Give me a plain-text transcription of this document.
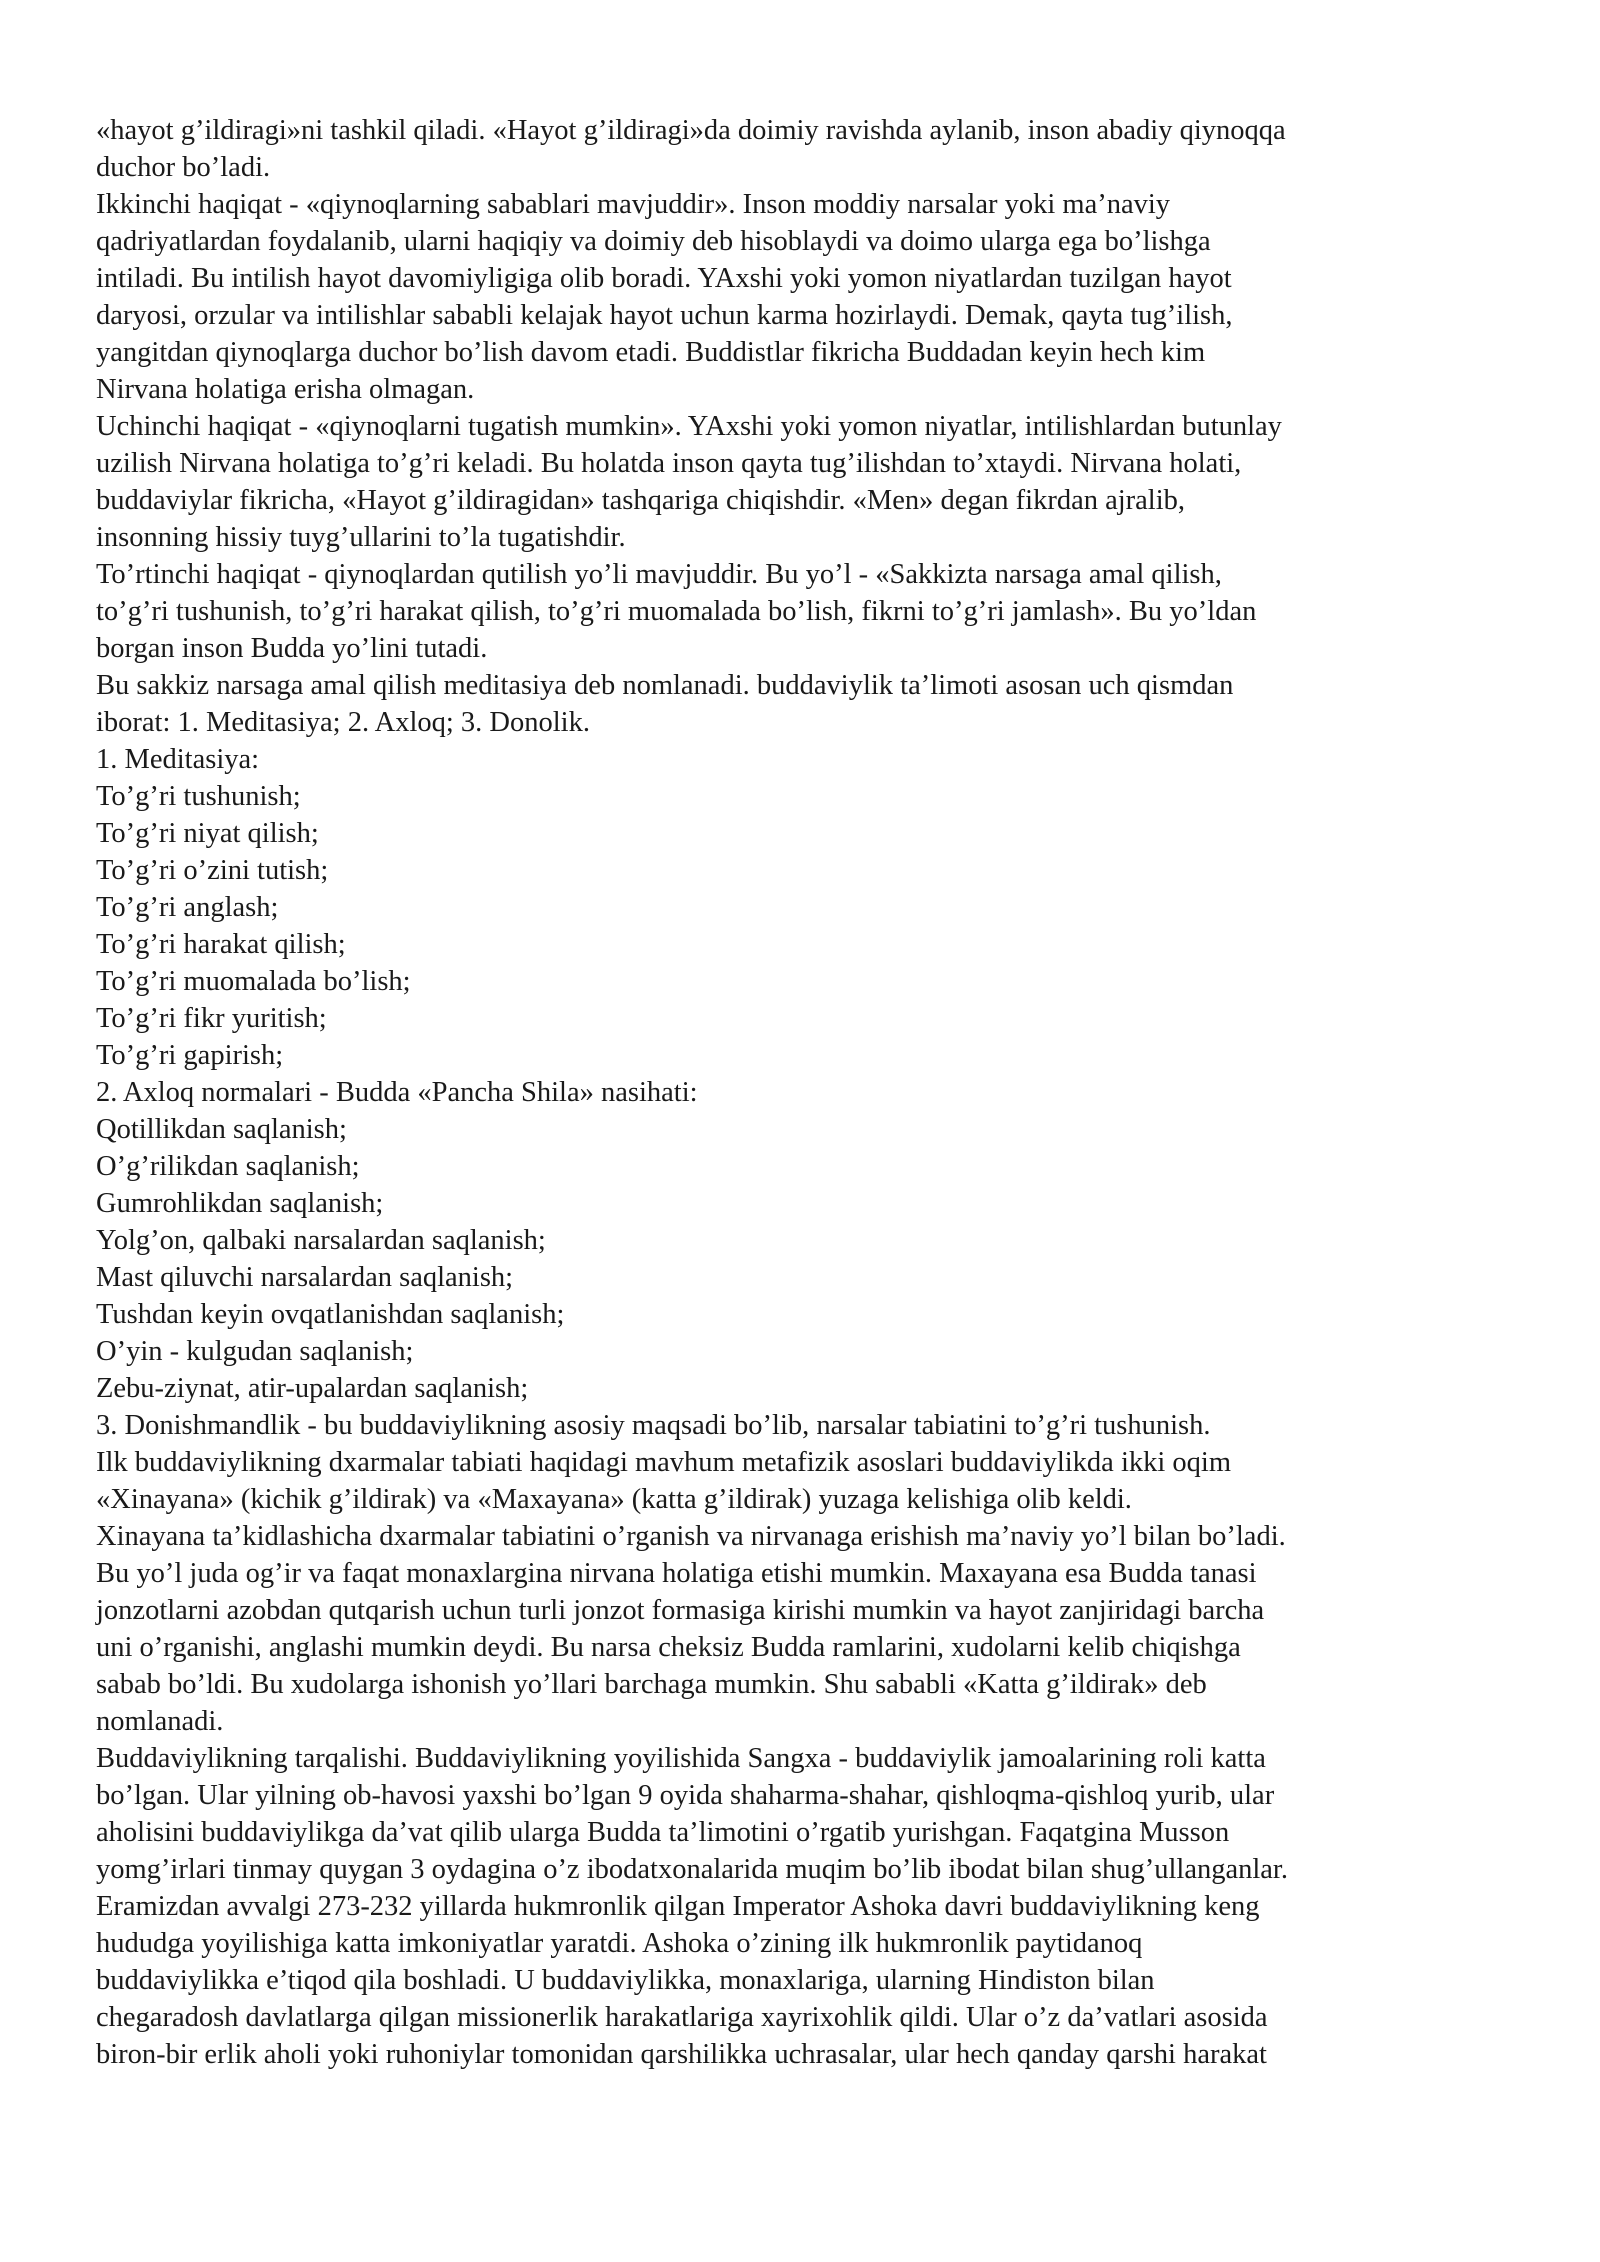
«hayot g’ildiragi»ni tashkil qiladi. «Hayot g’ildiragi»da doimiy ravishda aylanib, inson abadiy qiynoqqa
duchor bo’ladi.
Ikkinchi haqiqat - «qiynoqlarning sabablari mavjuddir». Inson moddiy narsalar yoki ma’naviy
qadriyatlardan foydalanib, ularni haqiqiy va doimiy deb hisoblaydi va doimo ularga ega bo’lishga
intiladi. Bu intilish hayot davomiyligiga olib boradi. YAxshi yoki yomon niyatlardan tuzilgan hayot
daryosi, orzular va intilishlar sababli kelajak hayot uchun karma hozirlaydi. Demak, qayta tug’ilish,
yangitdan qiynoqlarga duchor bo’lish davom etadi. Buddistlar fikricha Buddadan keyin hech kim
Nirvana holatiga erisha olmagan.
Uchinchi haqiqat - «qiynoqlarni tugatish mumkin». YAxshi yoki yomon niyatlar, intilishlardan butunlay
uzilish Nirvana holatiga to’g’ri keladi. Bu holatda inson qayta tug’ilishdan to’xtaydi. Nirvana holati,
buddaviylar fikricha, «Hayot g’ildiragidan» tashqariga chiqishdir. «Men» degan fikrdan ajralib,
insonning hissiy tuyg’ullarini to’la tugatishdir.
To’rtinchi haqiqat - qiynoqlardan qutilish yo’li mavjuddir. Bu yo’l - «Sakkizta narsaga amal qilish,
to’g’ri tushunish, to’g’ri harakat qilish, to’g’ri muomalada bo’lish, fikrni to’g’ri jamlash». Bu yo’ldan
borgan inson Budda yo’lini tutadi.
Bu sakkiz narsaga amal qilish meditasiya deb nomlanadi. buddaviylik ta’limoti asosan uch qismdan
iborat: 1. Meditasiya; 2. Axloq; 3. Donolik.
1. Meditasiya:
To’g’ri tushunish;
To’g’ri niyat qilish;
To’g’ri o’zini tutish;
To’g’ri anglash;
To’g’ri harakat qilish;
To’g’ri muomalada bo’lish;
To’g’ri fikr yuritish;
To’g’ri gapirish;
2. Axloq normalari - Budda «Pancha Shila» nasihati:
Qotillikdan saqlanish;
O’g’rilikdan saqlanish;
Gumrohlikdan saqlanish;
Yolg’on, qalbaki narsalardan saqlanish;
Mast qiluvchi narsalardan saqlanish;
Tushdan keyin ovqatlanishdan saqlanish;
O’yin - kulgudan saqlanish;
Zebu-ziynat, atir-upalardan saqlanish;
3. Donishmandlik - bu buddaviylikning asosiy maqsadi bo’lib, narsalar tabiatini to’g’ri tushunish.
Ilk buddaviylikning dxarmalar tabiati haqidagi mavhum metafizik asoslari buddaviylikda ikki oqim
«Xinayana» (kichik g’ildirak) va «Maxayana» (katta g’ildirak) yuzaga kelishiga olib keldi.
Xinayana ta’kidlashicha dxarmalar tabiatini o’rganish va nirvanaga erishish ma’naviy yo’l bilan bo’ladi.
Bu yo’l juda og’ir va faqat monaxlargina nirvana holatiga etishi mumkin. Maxayana esa Budda tanasi
jonzotlarni azobdan qutqarish uchun turli jonzot formasiga kirishi mumkin va hayot zanjiridagi barcha
uni o’rganishi, anglashi mumkin deydi. Bu narsa cheksiz Budda ramlarini, xudolarni kelib chiqishga
sabab bo’ldi. Bu xudolarga ishonish yo’llari barchaga mumkin. Shu sababli «Katta g’ildirak» deb
nomlanadi.
Buddaviylikning tarqalishi. Buddaviylikning yoyilishida Sangxa - buddaviylik jamoalarining roli katta
bo’lgan. Ular yilning ob-havosi yaxshi bo’lgan 9 oyida shaharma-shahar, qishloqma-qishloq yurib, ular
aholisini buddaviylikga da’vat qilib ularga Budda ta’limotini o’rgatib yurishgan. Faqatgina Musson
yomg’irlari tinmay quygan 3 oydagina o’z ibodatxonalarida muqim bo’lib ibodat bilan shug’ullanganlar.
Eramizdan avvalgi 273-232 yillarda hukmronlik qilgan Imperator Ashoka davri buddaviylikning keng
hududga yoyilishiga katta imkoniyatlar yaratdi. Ashoka o’zining ilk hukmronlik paytidanoq
buddaviylikka e’tiqod qila boshladi. U buddaviylikka, monaxlariga, ularning Hindiston bilan
chegaradosh davlatlarga qilgan missionerlik harakatlariga xayrixohlik qildi. Ular o’z da’vatlari asosida
biron-bir erlik aholi yoki ruhoniylar tomonidan qarshilikka uchrasalar, ular hech qanday qarshi harakat
